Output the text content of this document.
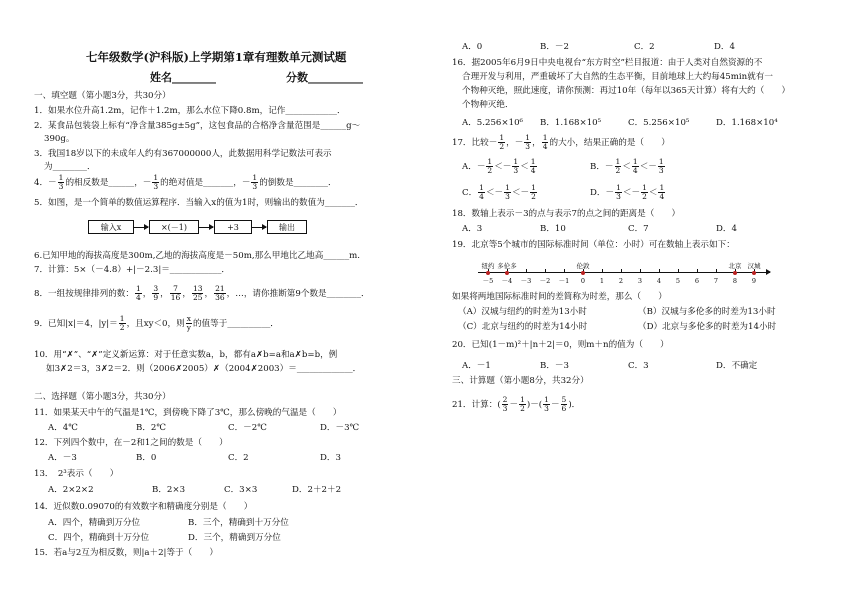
七年级数学(沪科版)上学期第1章有理数单元测试题
姓名________	分数__________
一、填空题（第小题3分，共30分）
1．如果水位升高1.2m，记作＋1.2m，那么水位下降0.8m，记作____________．
2．某食品包装袋上标有“净含量385g±5g”，这包食品的合格净含量范围是______g～
390g。
3．我国18岁以下的未成年人约有367000000人，此数据用科学记数法可表示
为________．
4．－ $\frac{1}{3}$ 的相反数是______，－ $\frac{1}{3}$ 的绝对值是_______，－ $\frac{1}{3}$ 的倒数是________．
5．如图，是一个简单的数值运算程序．当输入x的值为1时，则输出的数值为_______．
输入x	×(－1)	+3	输出
6.已知甲地的海拔高度是300m,乙地的海拔高度是－50m,那么甲地比乙地高______m.
7．计算：5×（－4.8）+|－2.3|＝____________．
8．一组按规律排列的数： $\frac{1}{4}$ ， $\frac{3}{9}$ ， $\frac{7}{16}$ ， $\frac{13}{25}$ ， $\frac{21}{36}$ ，…，请你推断第9个数是________．
9．已知|x|＝4，$|y|= \frac{1}{2}$ ，且xy＜0，则 $\frac{x}{y}$ 的值等于__________．
10．用“✗”、“✗”定义新运算：对于任意实数a，b，都有a✗b=a和a✗b=b，例
如3✗2＝3，3✗2＝2．则（2006✗2005）✗（2004✗2003）＝_____________．
二、选择题（第小题3分，共30分）
11．如果某天中午的气温是1℃，到傍晚下降了3℃，那么傍晚的气温是（　　）
A．4℃	B．2℃	C．－2℃	D．－3℃
12．下列四个数中，在－2和1之间的数是（　　）
A．－3	B．0	C．2	D．3
13．　2³表示（　　）
A．2×2×2	B．2×3	C．3×3	D．2＋2＋2
14．近似数0.09070的有效数字和精确度分别是（　　）
A．四个，精确到万分位	B．三个，精确到十万分位
C．四个，精确到十万分位	D．三个，精确到万分位
15．若a与2互为相反数，则|a＋2|等于（　　）
A．0	B．－2	C．2	D．4
16．据2005年6月9日中央电视台“东方时空”栏目报道：由于人类对自然资源的不
合理开发与利用，严重破坏了大自然的生态平衡，目前地球上大约每45min就有一
个物种灭绝，照此速度，请你预测：再过10年（每年以365天计算）将有大约（　　）
个物种灭绝．
A．5.256×10⁶ B．1.168×10⁵	C．5.256×10⁵	D．1.168×10⁴
17．比较－ $\frac{1}{2}$ ，－ $\frac{1}{3}$ ， $\frac{1}{4}$ 的大小，结果正确的是（　　）
A．－ $\frac{1}{2} <- \frac{1}{3} < \frac{1}{4}$	B．－ $\frac{1}{2} < \frac{1}{4} <- \frac{1}{3}$
C． $\frac{1}{4} <- \frac{1}{3} <- \frac{1}{2}$	D．－ $\frac{1}{3} <- \frac{1}{2} < \frac{1}{4}$
18．数轴上表示－3的点与表示7的点之间的距离是（　　）
A．3	B．10	C．7	D．4
19．北京等5个城市的国际标准时间（单位：小时）可在数轴上表示如下：
－5 －4 －3 －2 －1 0 1 2 3 4 5 6 7 8 9
纽约 多伦多	伦敦	北京 汉城
如果将两地国际标准时间的差简称为时差，那么（　　）
（A）汉城与纽约的时差为13小时	（B）汉城与多伦多的时差为13小时
（C）北京与纽约的时差为14小时	（D）北京与多伦多的时差为14小时
20．已知(1－m)²＋|n＋2|＝0，则m＋n的值为（　　）
A．－1	B．－3	C．3	D．不确定
三、计算题（第小题8分，共32分）
21．计算：( $\frac{2}{3} - \frac{1}{2}$ )－( $\frac{1}{3} - \frac{5}{6}$ )．
